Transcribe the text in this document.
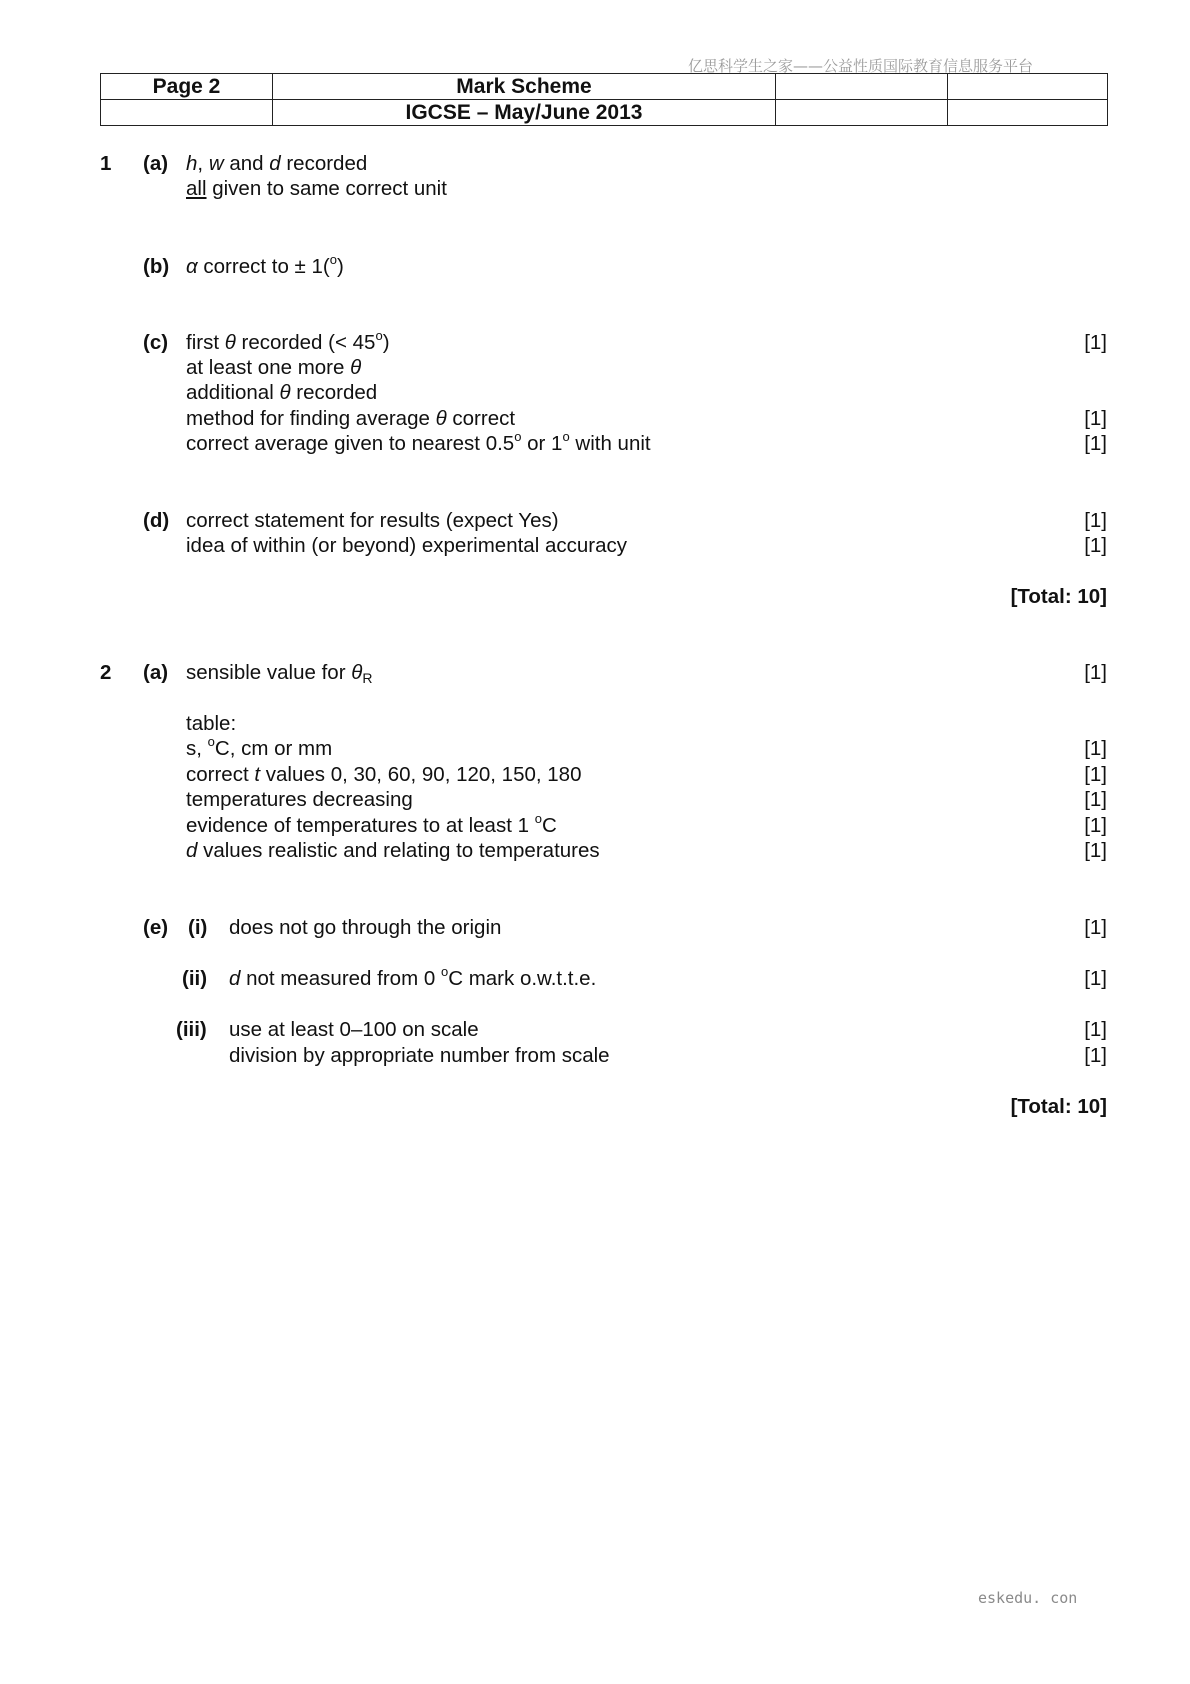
亿思科学生之家——公益性质国际教育信息服务平台
Page 2	Mark Scheme		
	IGCSE – May/June 2013		
1 (a) h, w and d recorded
all given to same correct unit
(b) α correct to ± 1($^o$)
(c) first θ recorded (< $45^o$)	[1]
at least one more θ
additional θ recorded
method for finding average θ correct	[1]
correct average given to nearest 0.5$^o$ or 1$^o$ with unit	[1]
(d) correct statement for results (expect Yes)	[1]
idea of within (or beyond) experimental accuracy	[1]
[Total: 10]
2 (a) sensible value for $\theta_R$	[1]
table:
s, $^o$C, cm or mm	[1]
correct t values 0, 30, 60, 90, 120, 150, 180	[1]
temperatures decreasing	[1]
evidence of temperatures to at least 1 $^o$C	[1]
d values realistic and relating to temperatures	[1]
(e) (i) does not go through the origin	[1]
(ii) d not measured from 0 $^o$C mark o.w.t.t.e.	[1]
(iii) use at least 0–100 on scale	[1]
division by appropriate number from scale	[1]
[Total: 10]
eskedu. con
